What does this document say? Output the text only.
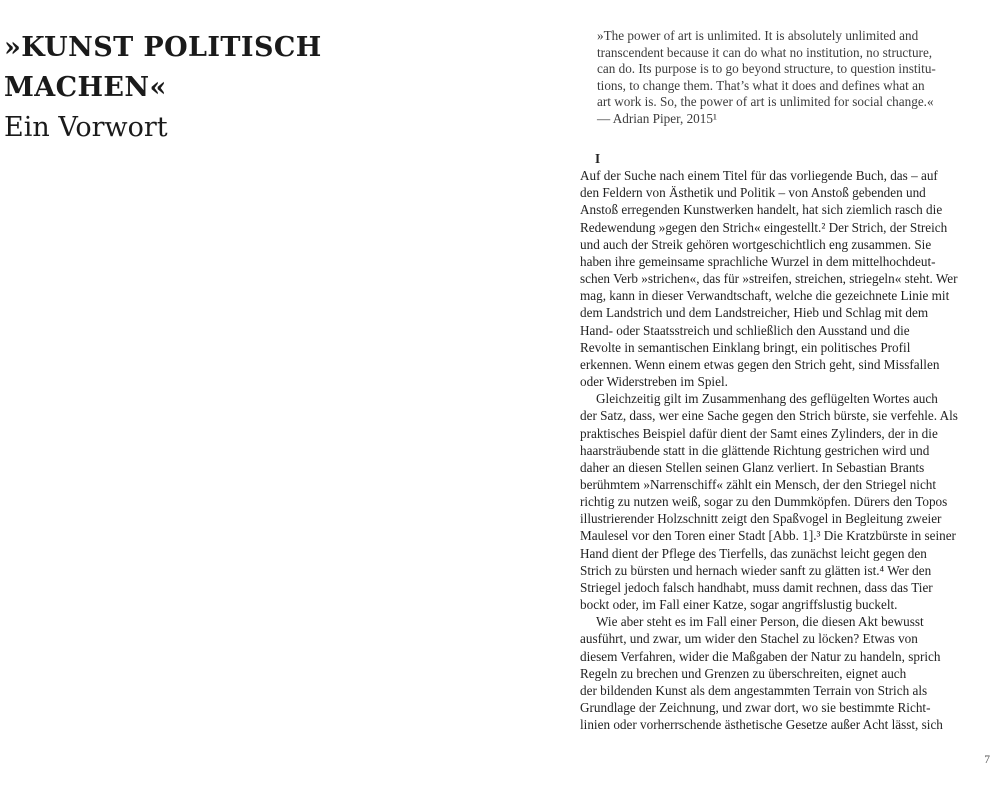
»KUNST POLITISCH

MACHEN«

Ein Vorwort

»The power of art is unlimited. It is absolutely unlimited and
transcendent because it can do what no institution, no structure,
can do. Its purpose is to go beyond structure, to question institu-
tions, to change them. That’s what it does and defines what an
art work is. So, the power of art is unlimited for social change.«
— Adrian Piper, 2015¹
I
Auf der Suche nach einem Titel für das vorliegende Buch, das – auf
den Feldern von Ästhetik und Politik – von Anstoß gebenden und
Anstoß erregenden Kunstwerken handelt, hat sich ziemlich rasch die
Redewendung »gegen den Strich« eingestellt.² Der Strich, der Streich
und auch der Streik gehören wortgeschichtlich eng zusammen. Sie
haben ihre gemeinsame sprachliche Wurzel in dem mittelhochdeut-
schen Verb »strichen«, das für »streifen, streichen, striegeln« steht. Wer
mag, kann in dieser Verwandtschaft, welche die gezeichnete Linie mit
dem Landstrich und dem Landstreicher, Hieb und Schlag mit dem
Hand- oder Staatsstreich und schließlich den Ausstand und die
Revolte in semantischen Einklang bringt, ein politisches Profil
erkennen. Wenn einem etwas gegen den Strich geht, sind Missfallen
oder Widerstreben im Spiel.
Gleichzeitig gilt im Zusammenhang des geflügelten Wortes auch
der Satz, dass, wer eine Sache gegen den Strich bürste, sie verfehle. Als
praktisches Beispiel dafür dient der Samt eines Zylinders, der in die
haarsträubende statt in die glättende Richtung gestrichen wird und
daher an diesen Stellen seinen Glanz verliert. In Sebastian Brants
berühmtem »Narrenschiff« zählt ein Mensch, der den Striegel nicht
richtig zu nutzen weiß, sogar zu den Dummköpfen. Dürers den Topos
illustrierender Holzschnitt zeigt den Spaßvogel in Begleitung zweier
Maulesel vor den Toren einer Stadt [Abb. 1].³ Die Kratzbürste in seiner
Hand dient der Pflege des Tierfells, das zunächst leicht gegen den
Strich zu bürsten und hernach wieder sanft zu glätten ist.⁴ Wer den
Striegel jedoch falsch handhabt, muss damit rechnen, dass das Tier
bockt oder, im Fall einer Katze, sogar angriffslustig buckelt.
Wie aber steht es im Fall einer Person, die diesen Akt bewusst
ausführt, und zwar, um wider den Stachel zu löcken? Etwas von
diesem Verfahren, wider die Maßgaben der Natur zu handeln, sprich
Regeln zu brechen und Grenzen zu überschreiten, eignet auch
der bildenden Kunst als dem angestammten Terrain von Strich als
Grundlage der Zeichnung, und zwar dort, wo sie bestimmte Richt-
linien oder vorherrschende ästhetische Gesetze außer Acht lässt, sich
7
